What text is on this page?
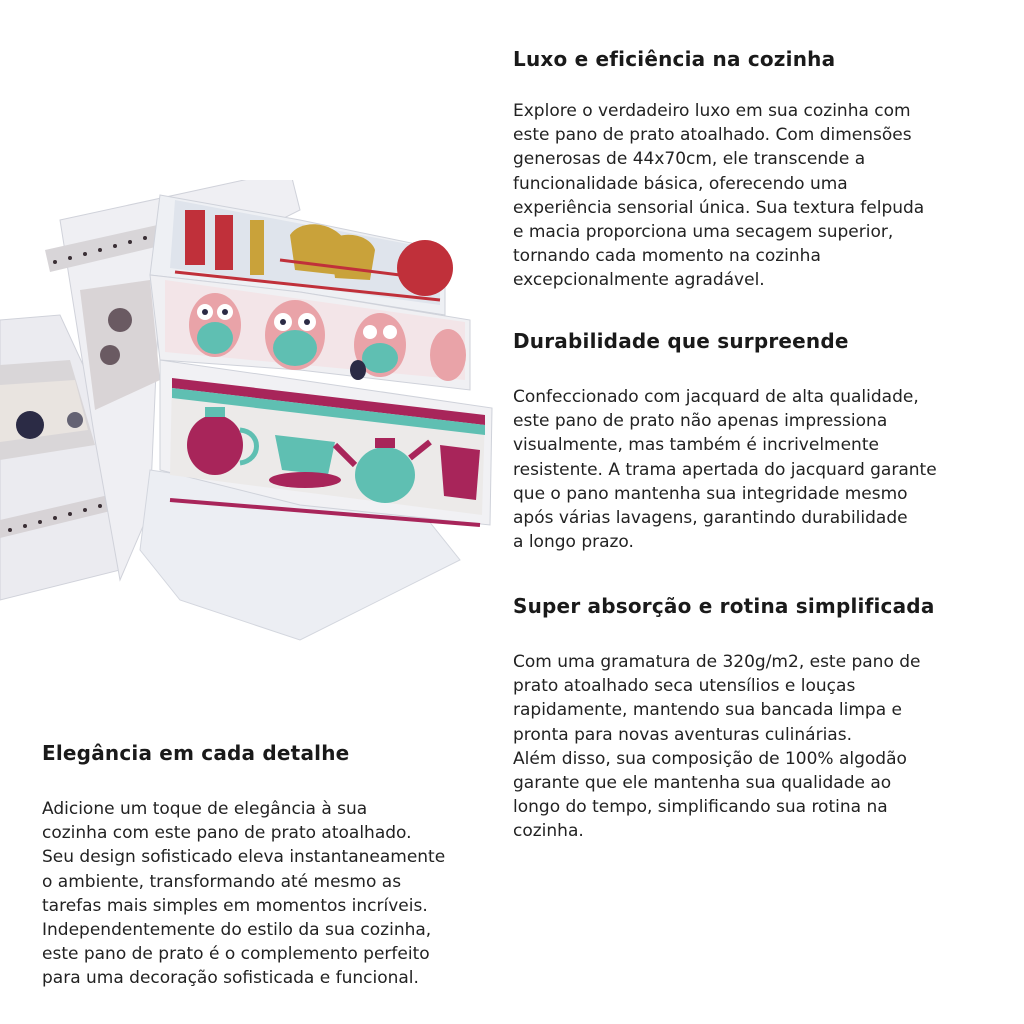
Luxo e eficiência na cozinha

Explore o verdadeiro luxo em sua cozinha com
este pano de prato atoalhado. Com dimensões
generosas de 44x70cm, ele transcende a
funcionalidade básica, oferecendo uma
experiência sensorial única. Sua textura felpuda
e macia proporciona uma secagem superior,
tornando cada momento na cozinha
excepcionalmente agradável.

Durabilidade que surpreende

Confeccionado com jacquard de alta qualidade,
este pano de prato não apenas impressiona
visualmente, mas também é incrivelmente
resistente. A trama apertada do jacquard garante
que o pano mantenha sua integridade mesmo
após várias lavagens, garantindo durabilidade
a longo prazo.

Super absorção e rotina simplificada

Com uma gramatura de 320g/m2, este pano de
prato atoalhado seca utensílios e louças
rapidamente, mantendo sua bancada limpa e
pronta para novas aventuras culinárias.
Além disso, sua composição de 100% algodão
garante que ele mantenha sua qualidade ao
longo do tempo, simplificando sua rotina na
cozinha.

Elegância em cada detalhe

Adicione um toque de elegância à sua
cozinha com este pano de prato atoalhado.
Seu design sofisticado eleva instantaneamente
o ambiente, transformando até mesmo as
tarefas mais simples em momentos incríveis.
Independentemente do estilo da sua cozinha,
este pano de prato é o complemento perfeito
para uma decoração sofisticada e funcional.
